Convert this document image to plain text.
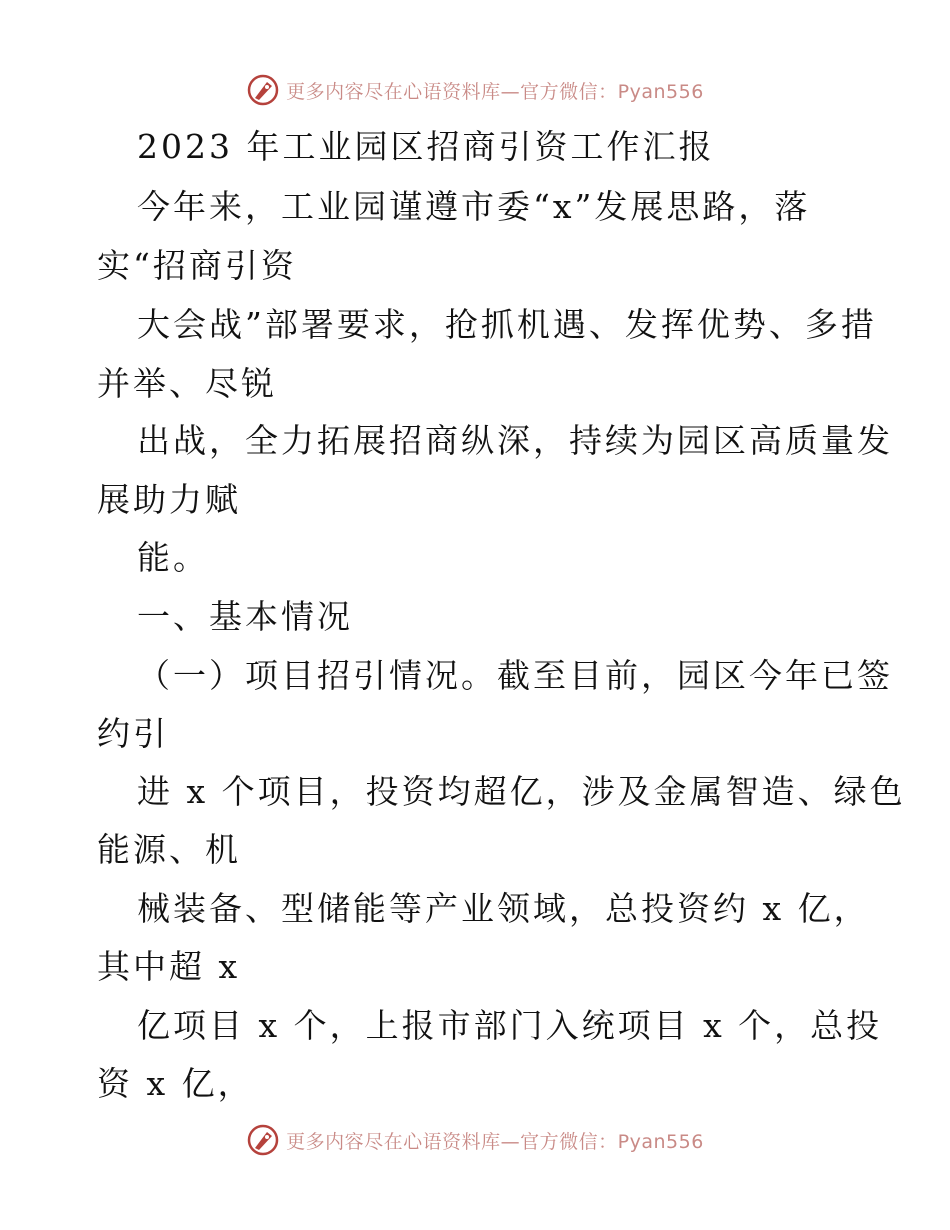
更多内容尽在心语资料库—官方微信：Pyan556
2023 年工业园区招商引资工作汇报
今年来，工业园谨遵市委“x”发展思路，落
实“招商引资
大会战”部署要求，抢抓机遇、发挥优势、多措
并举、尽锐
出战，全力拓展招商纵深，持续为园区高质量发
展助力赋
能。
一、基本情况
（一）项目招引情况。截至目前，园区今年已签
约引
进 x 个项目，投资均超亿，涉及金属智造、绿色
能源、机
械装备、型储能等产业领域，总投资约 x 亿，
其中超 x
亿项目 x 个，上报市部门入统项目 x 个，总投
资 x 亿，
更多内容尽在心语资料库—官方微信：Pyan556
